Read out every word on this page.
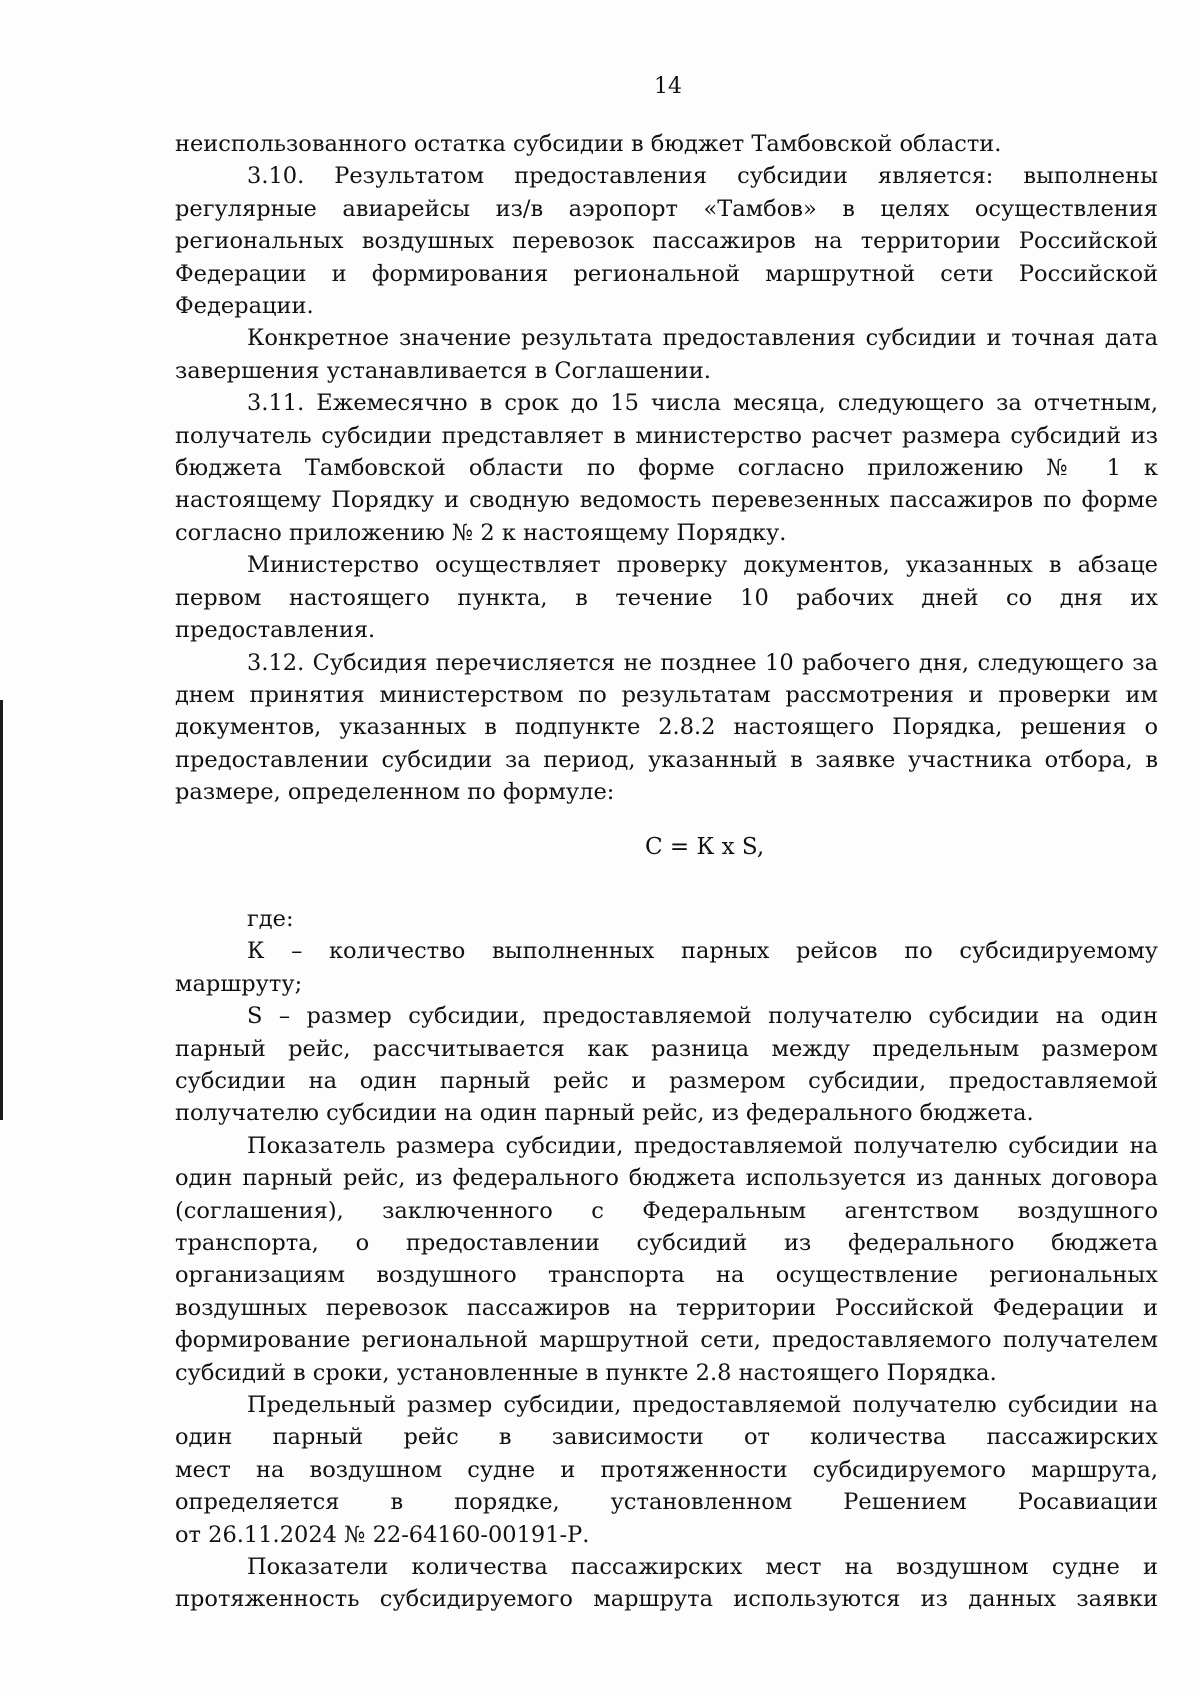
14
неиспользованного остатка субсидии в бюджет Тамбовской области.
3.10. Результатом предоставления субсидии является: выполнены
регулярные авиарейсы из/в аэропорт «Тамбов» в целях осуществления
региональных воздушных перевозок пассажиров на территории Российской
Федерации и формирования региональной маршрутной сети Российской
Федерации.
Конкретное значение результата предоставления субсидии и точная дата
завершения устанавливается в Соглашении.
3.11. Ежемесячно в срок до 15 числа месяца, следующего за отчетным,
получатель субсидии представляет в министерство расчет размера субсидий из
бюджета Тамбовской области по форме согласно приложению № 1 к
настоящему Порядку и сводную ведомость перевезенных пассажиров по форме
согласно приложению № 2 к настоящему Порядку.
Министерство осуществляет проверку документов, указанных в абзаце
первом настоящего пункта, в течение 10 рабочих дней со дня их
предоставления.
3.12. Субсидия перечисляется не позднее 10 рабочего дня, следующего за
днем принятия министерством по результатам рассмотрения и проверки им
документов, указанных в подпункте 2.8.2 настоящего Порядка, решения о
предоставлении субсидии за период, указанный в заявке участника отбора, в
размере, определенном по формуле:
С = К х S,
где:
К – количество выполненных парных рейсов по субсидируемому
маршруту;
S – размер субсидии, предоставляемой получателю субсидии на один
парный рейс, рассчитывается как разница между предельным размером
субсидии на один парный рейс и размером субсидии, предоставляемой
получателю субсидии на один парный рейс, из федерального бюджета.
Показатель размера субсидии, предоставляемой получателю субсидии на
один парный рейс, из федерального бюджета используется из данных договора
(соглашения), заключенного с Федеральным агентством воздушного
транспорта, о предоставлении субсидий из федерального бюджета
организациям воздушного транспорта на осуществление региональных
воздушных перевозок пассажиров на территории Российской Федерации и
формирование региональной маршрутной сети, предоставляемого получателем
субсидий в сроки, установленные в пункте 2.8 настоящего Порядка.
Предельный размер субсидии, предоставляемой получателю субсидии на
один парный рейс в зависимости от количества пассажирских
мест на воздушном судне и протяженности субсидируемого маршрута,
определяется в порядке, установленном Решением Росавиации
от 26.11.2024 № 22-64160-00191-Р.
Показатели количества пассажирских мест на воздушном судне и
протяженность субсидируемого маршрута используются из данных заявки
